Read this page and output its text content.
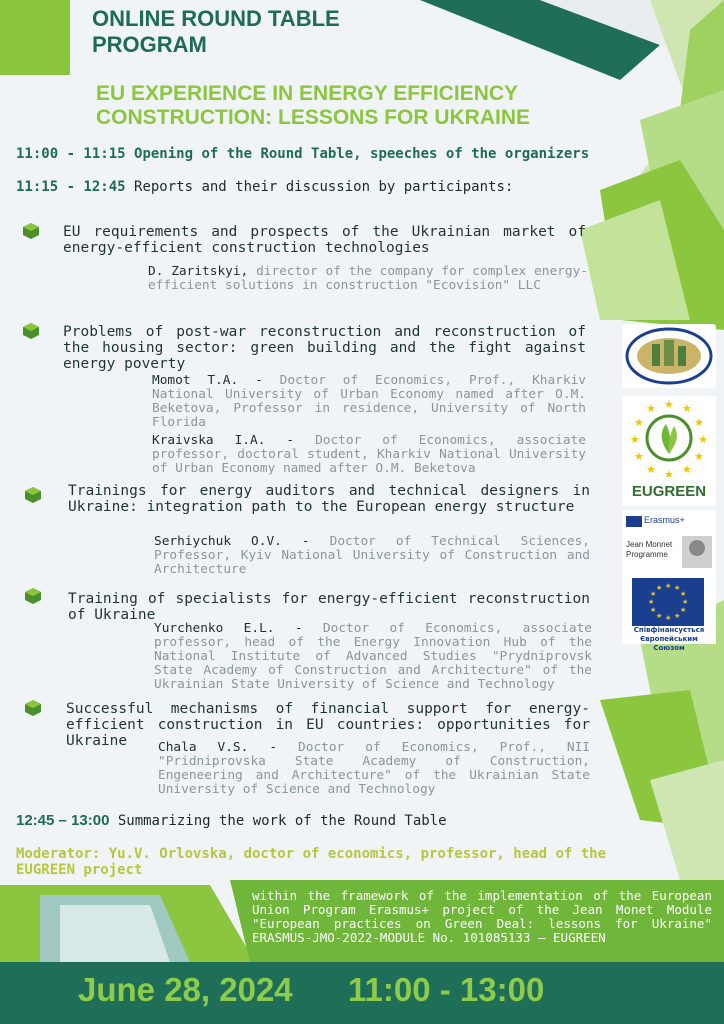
ONLINE ROUND TABLE PROGRAM
EU EXPERIENCE IN ENERGY EFFICIENCY CONSTRUCTION: LESSONS FOR UKRAINE
11:00 - 11:15 Opening of the Round Table, speeches of the organizers
11:15 - 12:45 Reports and their discussion by participants:
EU requirements and prospects of the Ukrainian market of energy-efficient construction technologies
D. Zaritskyi, director of the company for complex energy-efficient solutions in construction "Ecovision" LLC
Problems of post-war reconstruction and reconstruction of the housing sector: green building and the fight against energy poverty
Momot T.A. - Doctor of Economics, Prof., Kharkiv National University of Urban Economy named after O.M. Beketova, Professor in residence, University of North Florida
Kraivska I.A. - Doctor of Economics, associate professor, doctoral student, Kharkiv National University of Urban Economy named after O.M. Beketova
Trainings for energy auditors and technical designers in Ukraine: integration path to the European energy structure
Serhiychuk O.V. - Doctor of Technical Sciences, Professor, Kyiv National University of Construction and Architecture
Training of specialists for energy-efficient reconstruction of Ukraine
Yurchenko E.L. - Doctor of Economics, associate professor, head of the Energy Innovation Hub of the National Institute of Advanced Studies "Prydniprovsk State Academy of Construction and Architecture" of the Ukrainian State University of Science and Technology
Successful mechanisms of financial support for energy-efficient construction in EU countries: opportunities for Ukraine	Chala V.S. - Doctor of Economics, Prof., NII "Pridniprovska State Academy of Construction, Engeneering and Architecture" of the Ukrainian State University of Science and Technology
12:45 – 13:00 Summarizing the work of the Round Table
Moderator: Yu.V. Orlovska, doctor of economics, professor, head of the EUGREEN project
within the framework of the implementation of the European Union Program Erasmus+ project of the Jean Monet Module "European practices on Green Deal: lessons for Ukraine" ERASMUS-JMO-2022-MODULE No. 101085133 – EUGREEN
★ ★
★
★
★
★
★
★
★
★
★
★
EUGREEN
★ ★
★
★
★
★
★
★
★
★
★
★
Erasmus+
Jean Monnet Programme
Співфінансується Європейським Союзом
June 28, 2024 11:00 - 13:00
